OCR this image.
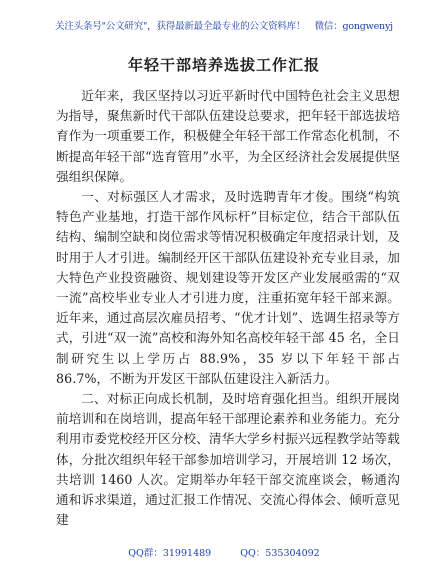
关注头条号"公文研究"，获得最新最全最专业的公文资料库！　微信：gongwenyj
年轻干部培养选拔工作汇报

近年来，我区坚持以习近平新时代中国特色社会主义思想为指导，聚焦新时代干部队伍建设总要求，把年轻干部选拔培育作为一项重要工作，积极健全年轻干部工作常态化机制，不断提高年轻干部“选育管用”水平，为全区经济社会发展提供坚强组织保障。

一、对标强区人才需求，及时选聘青年才俊。围绕“构筑特色产业基地，打造干部作风标杆”目标定位，结合干部队伍结构、编制空缺和岗位需求等情况积极确定年度招录计划，及时用于人才引进。编制经开区干部队伍建设补充专业目录，加大特色产业投资融资、规划建设等开发区产业发展亟需的“双一流”高校毕业专业人才引进力度，注重拓宽年轻干部来源。近年来，通过高层次雇员招考、“优才计划”、选调生招录等方式，引进“双一流”高校和海外知名高校年轻干部 45 名，全日制研究生以上学历占 88.9%，35 岁以下年轻干部占 86.7%，不断为开发区干部队伍建设注入新活力。

二、对标正向成长机制，及时培育强化担当。组织开展岗前培训和在岗培训，提高年轻干部理论素养和业务能力。充分利用市委党校经开区分校、清华大学乡村振兴远程教学站等载体，分批次组织年轻干部参加培训学习，开展培训 12 场次，共培训 1460 人次。定期举办年轻干部交流座谈会，畅通沟通和诉求渠道，通过汇报工作情况、交流心得体会、倾听意见建

QQ群：31991489	QQ：535304092
